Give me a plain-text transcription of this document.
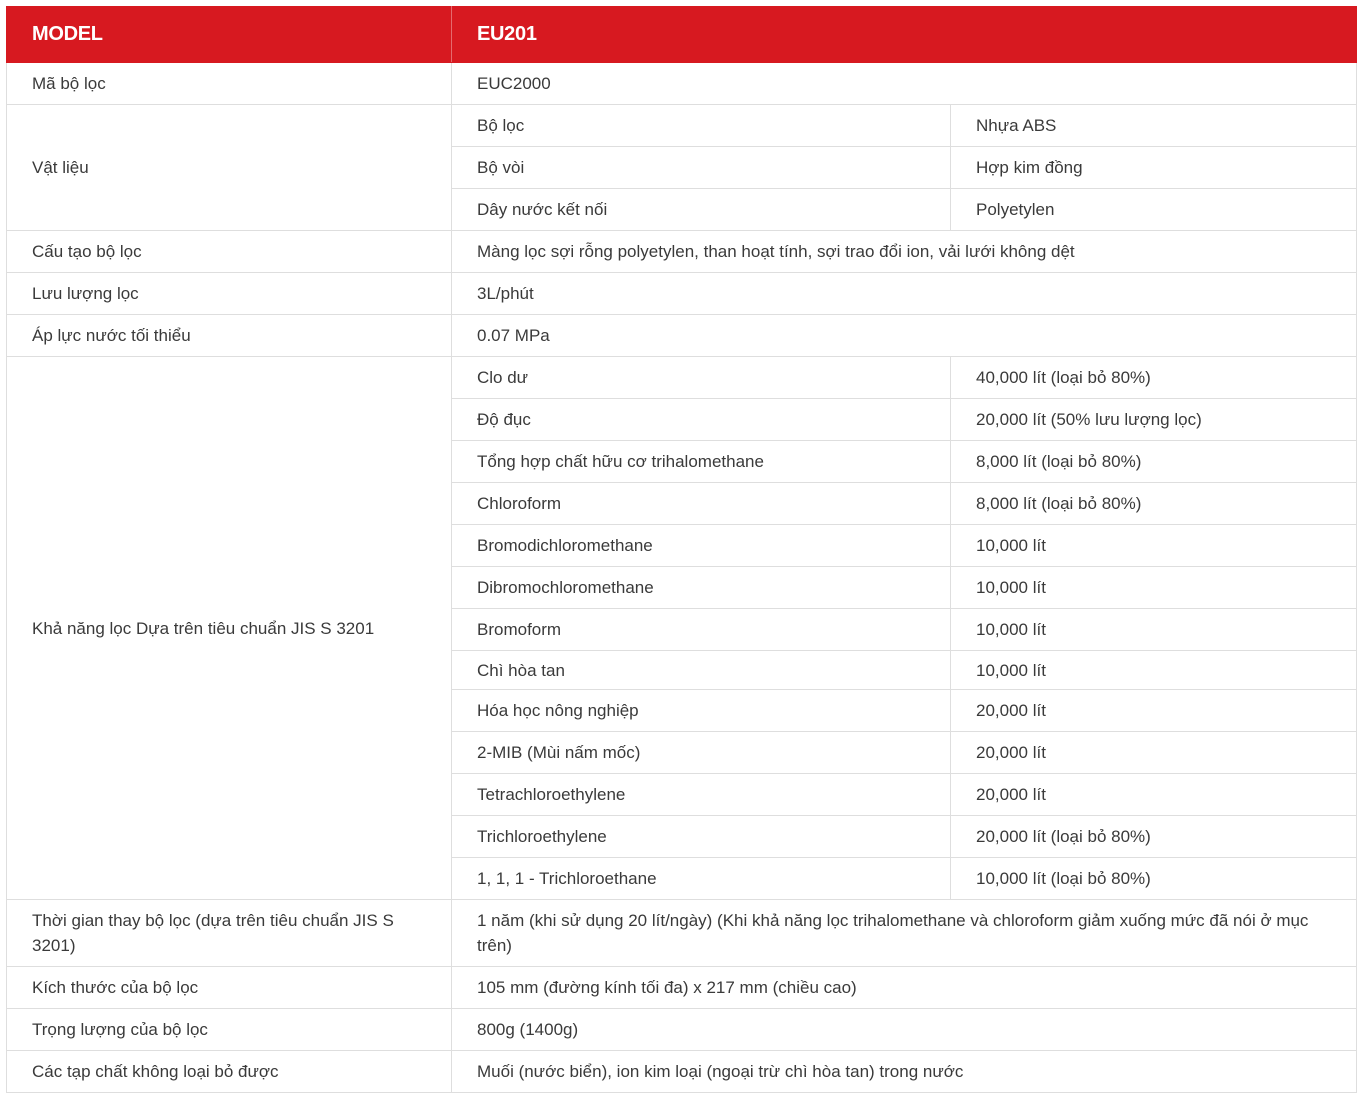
MODEL	EU201	
Mã bộ lọc	EUC2000	
Vật liệu	Bộ lọc	Nhựa ABS
	Bộ vòi	Hợp kim đồng
	Dây nước kết nối	Polyetylen
Cấu tạo bộ lọc	Màng lọc sợi rỗng polyetylen, than hoạt tính, sợi trao đổi ion, vải lưới không dệt	
Lưu lượng lọc	3L/phút	
Áp lực nước tối thiểu	0.07 MPa	
Khả năng lọc Dựa trên tiêu chuẩn JIS S 3201	Clo dư	40,000 lít (loại bỏ 80%)
	Độ đục	20,000 lít (50% lưu lượng lọc)
	Tổng hợp chất hữu cơ trihalomethane	8,000 lít (loại bỏ 80%)
	Chloroform	8,000 lít (loại bỏ 80%)
	Bromodichloromethane	10,000 lít
	Dibromochloromethane	10,000 lít
	Bromoform	10,000 lít
	Chì hòa tan	10,000 lít
	Hóa học nông nghiệp	20,000 lít
	2-MIB (Mùi nấm mốc)	20,000 lít
	Tetrachloroethylene	20,000 lít
	Trichloroethylene	20,000 lít (loại bỏ 80%)
	1, 1, 1 - Trichloroethane	10,000 lít (loại bỏ 80%)
Thời gian thay bộ lọc (dựa trên tiêu chuẩn JIS S 3201)	1 năm (khi sử dụng 20 lít/ngày) (Khi khả năng lọc trihalomethane và chloroform giảm xuống mức đã nói ở mục trên)	
Kích thước của bộ lọc	105 mm (đường kính tối đa) x 217 mm (chiều cao)	
Trọng lượng của bộ lọc	800g (1400g)	
Các tạp chất không loại bỏ được	Muối (nước biển), ion kim loại (ngoại trừ chì hòa tan) trong nước	
